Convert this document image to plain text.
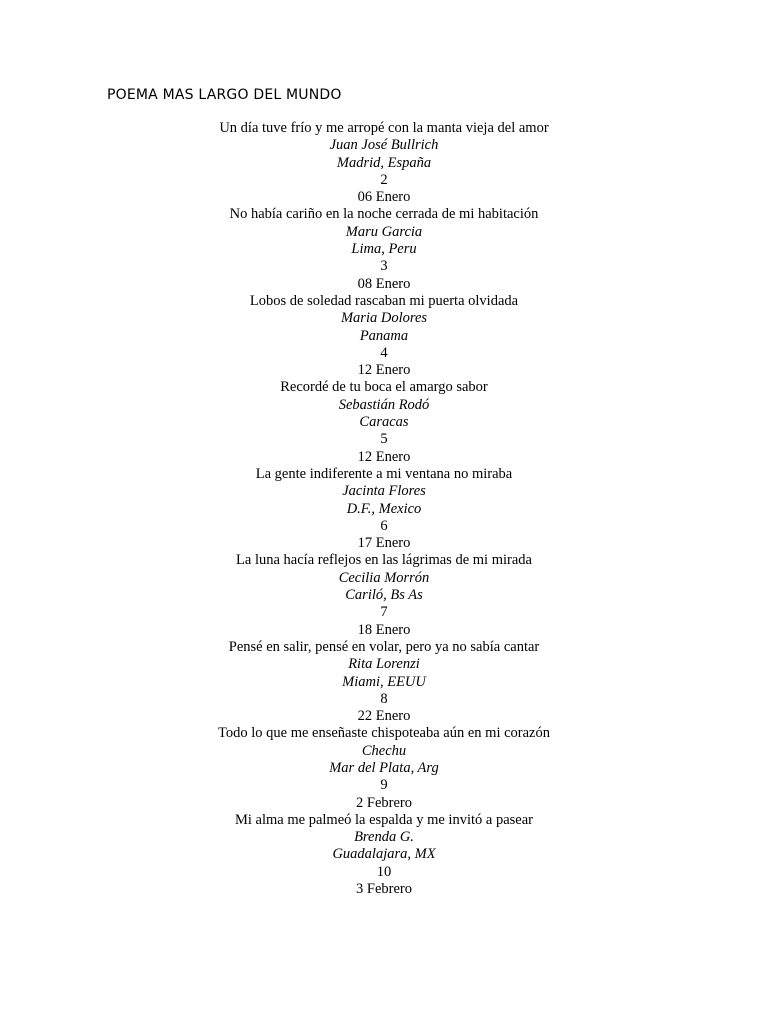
POEMA MAS LARGO DEL MUNDO
Un día tuve frío y me arropé con la manta vieja del amor
Juan José Bullrich
Madrid, España
2
06 Enero
No había cariño en la noche cerrada de mi habitación
Maru Garcia
Lima, Peru
3
08 Enero
Lobos de soledad rascaban mi puerta olvidada
Maria Dolores
Panama
4
12 Enero
Recordé de tu boca el amargo sabor
Sebastián Rodó
Caracas
5
12 Enero
La gente indiferente a mi ventana no miraba
Jacinta Flores
D.F., Mexico
6
17 Enero
La luna hacía reflejos en las lágrimas de mi mirada
Cecilia Morrón
Cariló, Bs As
7
18 Enero
Pensé en salir, pensé en volar, pero ya no sabía cantar
Rita Lorenzi
Miami, EEUU
8
22 Enero
Todo lo que me enseñaste chispoteaba aún en mi corazón
Chechu
Mar del Plata, Arg
9
2 Febrero
Mi alma me palmeó la espalda y me invitó a pasear
Brenda G.
Guadalajara, MX
10
3 Febrero
